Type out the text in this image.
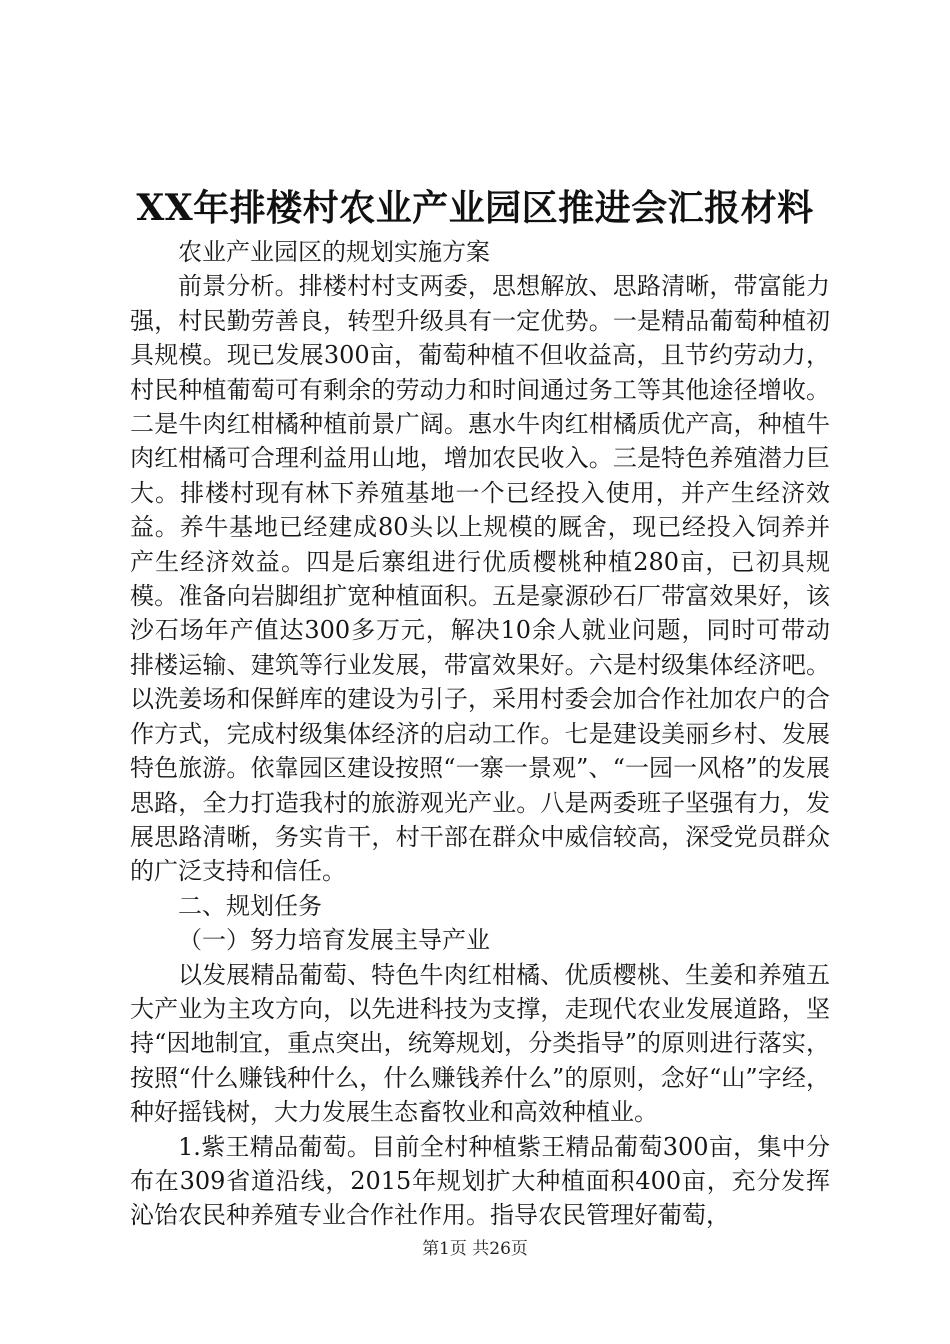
XX年排楼村农业产业园区推进会汇报材料

农业产业园区的规划实施方案

前景分析。排楼村村支两委，思想解放、思路清晰，带富能力强，村民勤劳善良，转型升级具有一定优势。一是精品葡萄种植初具规模。现已发展300亩，葡萄种植不但收益高，且节约劳动力，村民种植葡萄可有剩余的劳动力和时间通过务工等其他途径增收。二是牛肉红柑橘种植前景广阔。惠水牛肉红柑橘质优产高，种植牛肉红柑橘可合理利益用山地，增加农民收入。三是特色养殖潜力巨大。排楼村现有林下养殖基地一个已经投入使用，并产生经济效益。养牛基地已经建成80头以上规模的厩舍，现已经投入饲养并产生经济效益。四是后寨组进行优质樱桃种植280亩，已初具规模。准备向岩脚组扩宽种植面积。五是豪源砂石厂带富效果好，该沙石场年产值达300多万元，解决10余人就业问题，同时可带动排楼运输、建筑等行业发展，带富效果好。六是村级集体经济吧。以洗姜场和保鲜库的建设为引子，采用村委会加合作社加农户的合作方式，完成村级集体经济的启动工作。七是建设美丽乡村、发展特色旅游。依靠园区建设按照“一寨一景观”、“一园一风格”的发展思路，全力打造我村的旅游观光产业。八是两委班子坚强有力，发展思路清晰，务实肯干，村干部在群众中威信较高，深受党员群众的广泛支持和信任。

二、规划任务

（一）努力培育发展主导产业

以发展精品葡萄、特色牛肉红柑橘、优质樱桃、生姜和养殖五大产业为主攻方向，以先进科技为支撑，走现代农业发展道路，坚持“因地制宜，重点突出，统筹规划，分类指导”的原则进行落实，按照“什么赚钱种什么，什么赚钱养什么”的原则，念好“山”字经，种好摇钱树，大力发展生态畜牧业和高效种植业。

1.紫王精品葡萄。目前全村种植紫王精品葡萄300亩，集中分布在309省道沿线，2015年规划扩大种植面积400亩，充分发挥沁饴农民种养殖专业合作社作用。指导农民管理好葡萄，

第1页 共26页
